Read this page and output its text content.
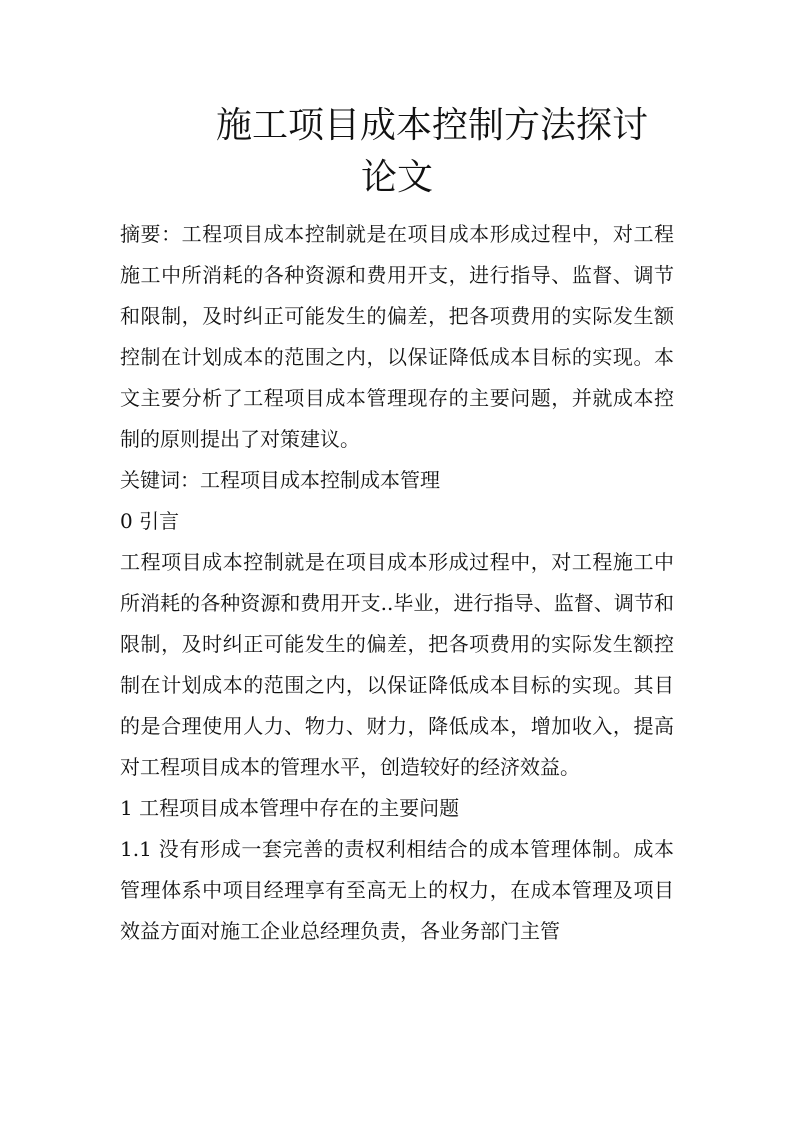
施工项目成本控制方法探讨
论文

摘要：工程项目成本控制就是在项目成本形成过程中，对工程施工中所消耗的各种资源和费用开支，进行指导、监督、调节和限制，及时纠正可能发生的偏差，把各项费用的实际发生额控制在计划成本的范围之内，以保证降低成本目标的实现。本文主要分析了工程项目成本管理现存的主要问题，并就成本控制的原则提出了对策建议。

关键词：工程项目成本控制成本管理

0 引言

工程项目成本控制就是在项目成本形成过程中，对工程施工中所消耗的各种资源和费用开支..毕业，进行指导、监督、调节和限制，及时纠正可能发生的偏差，把各项费用的实际发生额控制在计划成本的范围之内，以保证降低成本目标的实现。其目的是合理使用人力、物力、财力，降低成本，增加收入，提高对工程项目成本的管理水平，创造较好的经济效益。

1 工程项目成本管理中存在的主要问题

1.1 没有形成一套完善的责权利相结合的成本管理体制。成本管理体系中项目经理享有至高无上的权力，在成本管理及项目效益方面对施工企业总经理负责，各业务部门主管
